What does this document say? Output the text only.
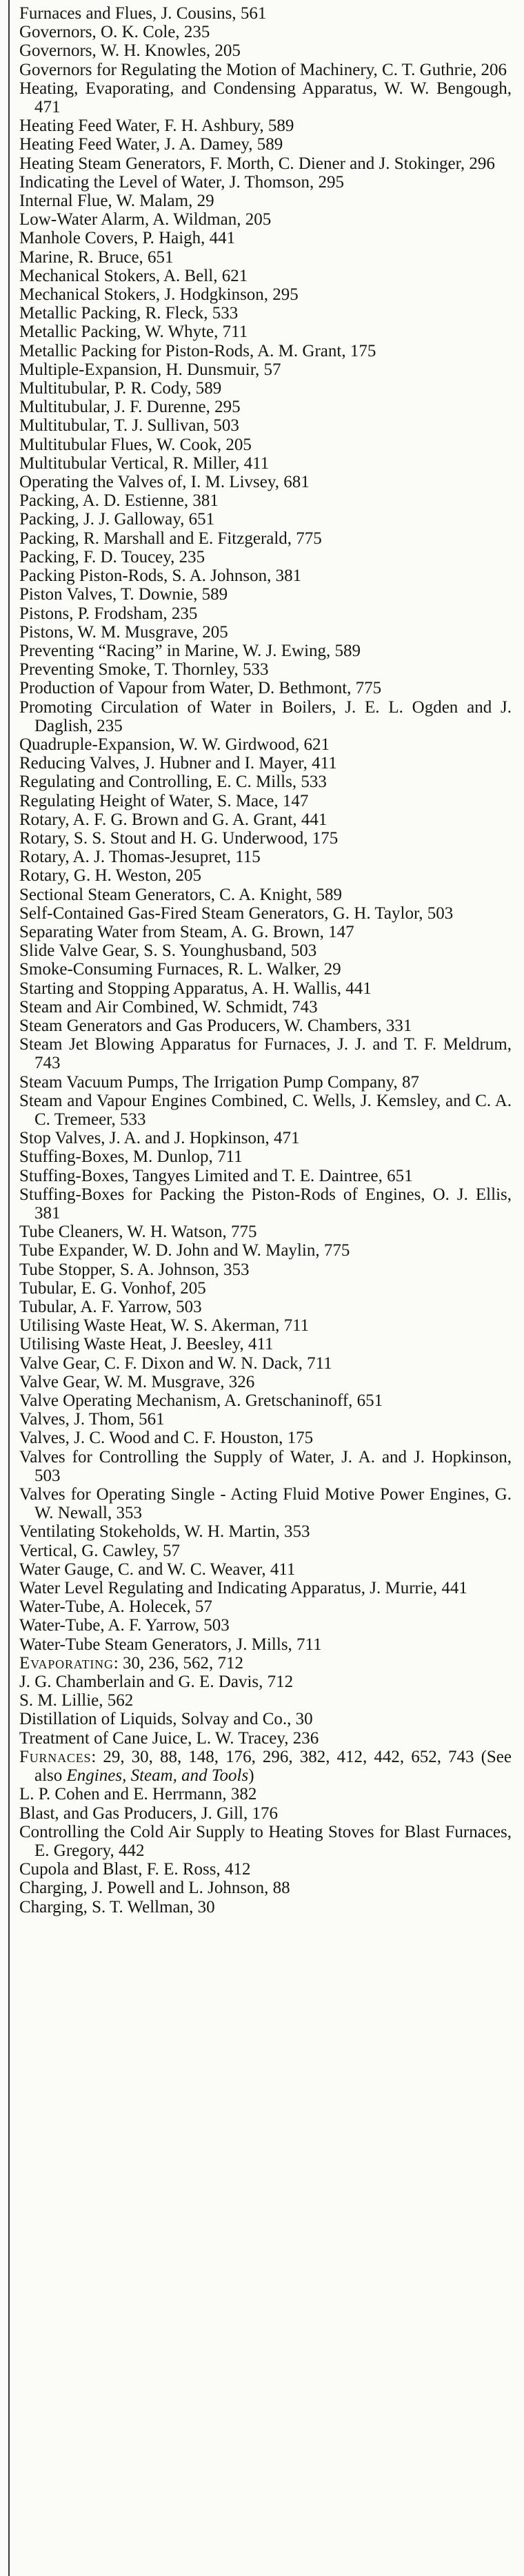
Furnaces and Flues, J. Cousins, 561

Governors, O. K. Cole, 235

Governors, W. H. Knowles, 205

Governors for Regulating the Motion of Machinery, C. T. Guthrie, 206

Heating, Evaporating, and Condensing Apparatus, W. W. Bengough, 471

Heating Feed Water, F. H. Ashbury, 589

Heating Feed Water, J. A. Damey, 589

Heating Steam Generators, F. Morth, C. Diener and J. Stokinger, 296

Indicating the Level of Water, J. Thomson, 295

Internal Flue, W. Malam, 29

Low-Water Alarm, A. Wildman, 205

Manhole Covers, P. Haigh, 441

Marine, R. Bruce, 651

Mechanical Stokers, A. Bell, 621

Mechanical Stokers, J. Hodgkinson, 295

Metallic Packing, R. Fleck, 533

Metallic Packing, W. Whyte, 711

Metallic Packing for Piston-Rods, A. M. Grant, 175

Multiple-Expansion, H. Dunsmuir, 57

Multitubular, P. R. Cody, 589

Multitubular, J. F. Durenne, 295

Multitubular, T. J. Sullivan, 503

Multitubular Flues, W. Cook, 205

Multitubular Vertical, R. Miller, 411

Operating the Valves of, I. M. Livsey, 681

Packing, A. D. Estienne, 381

Packing, J. J. Galloway, 651

Packing, R. Marshall and E. Fitzgerald, 775

Packing, F. D. Toucey, 235

Packing Piston-Rods, S. A. Johnson, 381

Piston Valves, T. Downie, 589

Pistons, P. Frodsham, 235

Pistons, W. M. Musgrave, 205

Preventing “Racing” in Marine, W. J. Ewing, 589

Preventing Smoke, T. Thornley, 533

Production of Vapour from Water, D. Bethmont, 775

Promoting Circulation of Water in Boilers, J. E. L. Ogden and J. Daglish, 235

Quadruple-Expansion, W. W. Girdwood, 621

Reducing Valves, J. Hubner and I. Mayer, 411

Regulating and Controlling, E. C. Mills, 533

Regulating Height of Water, S. Mace, 147

Rotary, A. F. G. Brown and G. A. Grant, 441

Rotary, S. S. Stout and H. G. Underwood, 175

Rotary, A. J. Thomas-Jesupret, 115

Rotary, G. H. Weston, 205

Sectional Steam Generators, C. A. Knight, 589

Self-Contained Gas-Fired Steam Generators, G. H. Taylor, 503

Separating Water from Steam, A. G. Brown, 147

Slide Valve Gear, S. S. Younghusband, 503

Smoke-Consuming Furnaces, R. L. Walker, 29

Starting and Stopping Apparatus, A. H. Wallis, 441

Steam and Air Combined, W. Schmidt, 743

Steam Generators and Gas Producers, W. Chambers, 331

Steam Jet Blowing Apparatus for Furnaces, J. J. and T. F. Meldrum, 743

Steam Vacuum Pumps, The Irrigation Pump Company, 87

Steam and Vapour Engines Combined, C. Wells, J. Kemsley, and C. A. C. Tremeer, 533

Stop Valves, J. A. and J. Hopkinson, 471

Stuffing-Boxes, M. Dunlop, 711

Stuffing-Boxes, Tangyes Limited and T. E. Daintree, 651

Stuffing-Boxes for Packing the Piston-Rods of Engines, O. J. Ellis, 381

Tube Cleaners, W. H. Watson, 775

Tube Expander, W. D. John and W. Maylin, 775

Tube Stopper, S. A. Johnson, 353

Tubular, E. G. Vonhof, 205

Tubular, A. F. Yarrow, 503

Utilising Waste Heat, W. S. Akerman, 711

Utilising Waste Heat, J. Beesley, 411

Valve Gear, C. F. Dixon and W. N. Dack, 711

Valve Gear, W. M. Musgrave, 326

Valve Operating Mechanism, A. Gretschaninoff, 651

Valves, J. Thom, 561

Valves, J. C. Wood and C. F. Houston, 175

Valves for Controlling the Supply of Water, J. A. and J. Hopkinson, 503

Valves for Operating Single - Acting Fluid Motive Power Engines, G. W. Newall, 353

Ventilating Stokeholds, W. H. Martin, 353

Vertical, G. Cawley, 57

Water Gauge, C. and W. C. Weaver, 411

Water Level Regulating and Indicating Apparatus, J. Murrie, 441

Water-Tube, A. Holecek, 57

Water-Tube, A. F. Yarrow, 503

Water-Tube Steam Generators, J. Mills, 711

Evaporating: 30, 236, 562, 712

J. G. Chamberlain and G. E. Davis, 712

S. M. Lillie, 562

Distillation of Liquids, Solvay and Co., 30

Treatment of Cane Juice, L. W. Tracey, 236

Furnaces: 29, 30, 88, 148, 176, 296, 382, 412, 442, 652, 743 (See also Engines, Steam, and Tools)

L. P. Cohen and E. Herrmann, 382

Blast, and Gas Producers, J. Gill, 176

Controlling the Cold Air Supply to Heating Stoves for Blast Furnaces, E. Gregory, 442

Cupola and Blast, F. E. Ross, 412

Charging, J. Powell and L. Johnson, 88

Charging, S. T. Wellman, 30
